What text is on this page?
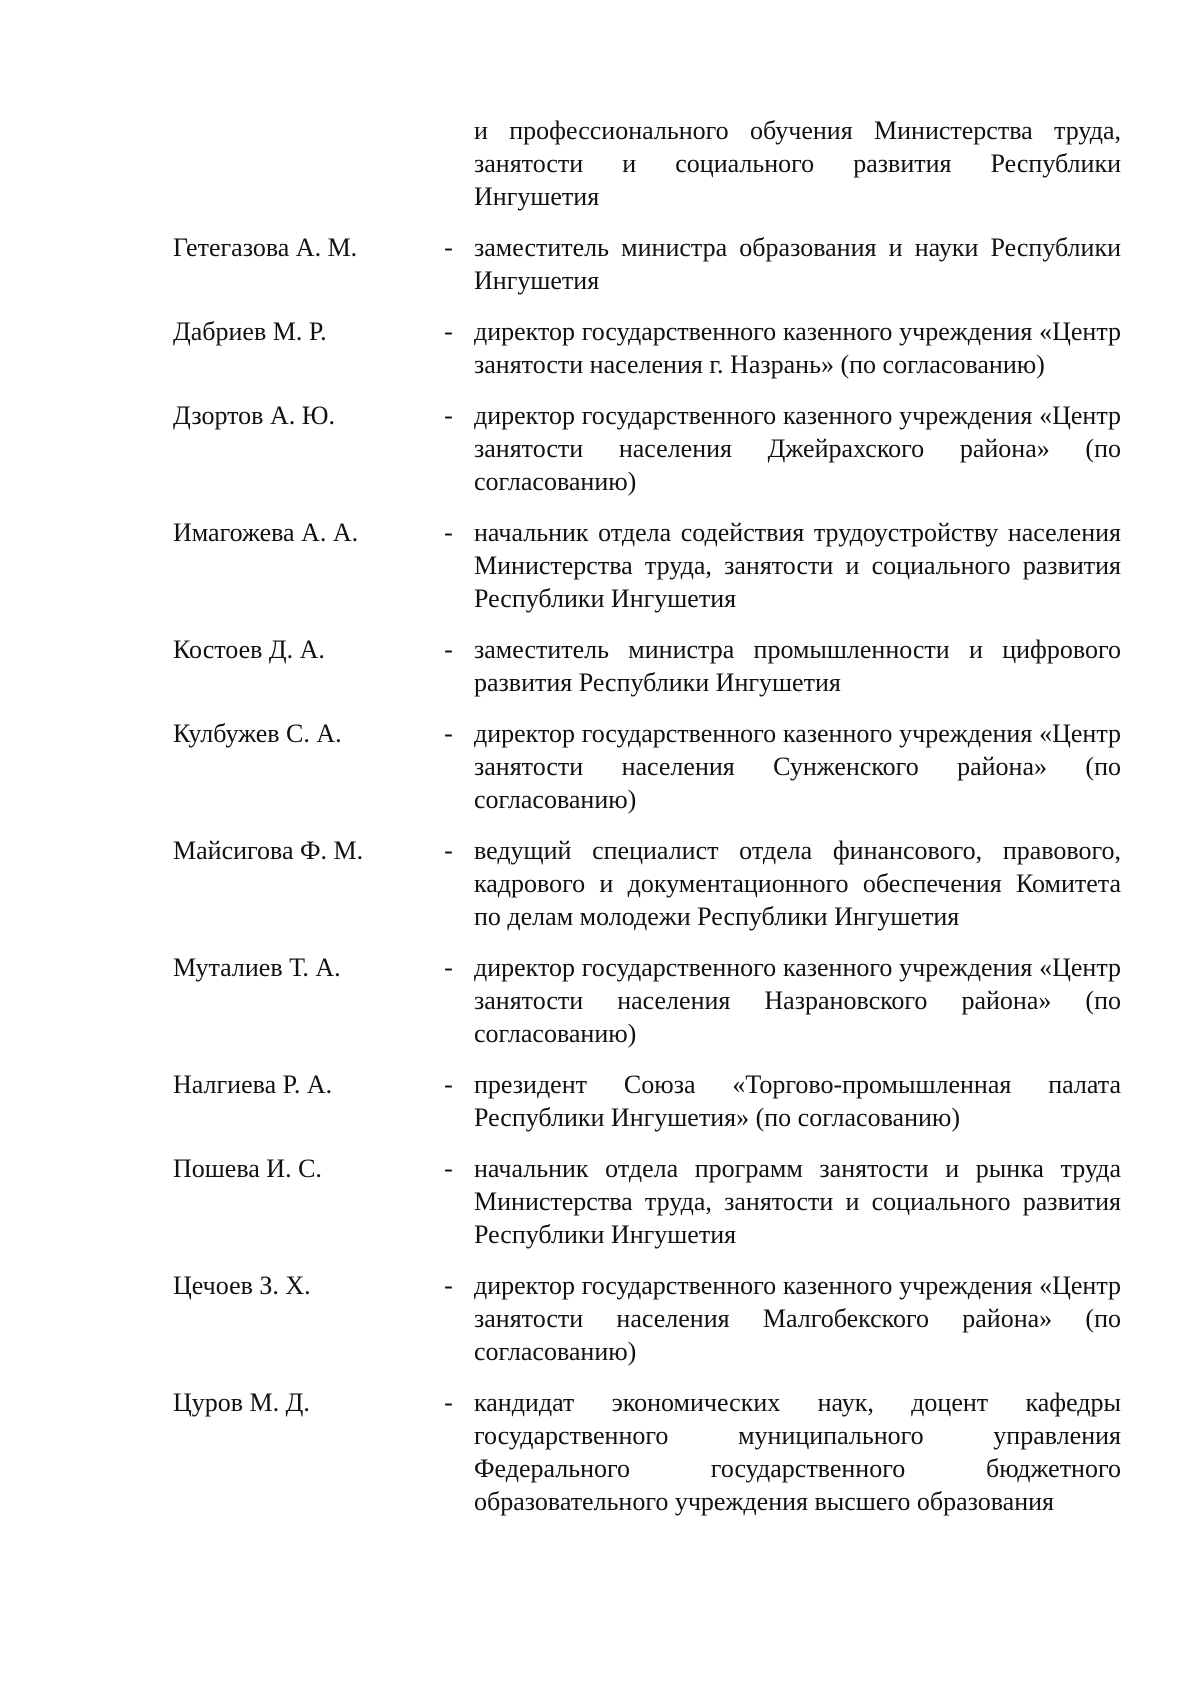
и профессионального обучения Министерства труда, занятости и социального развития Республики Ингушетия
Гетегазова А. М.	- заместитель министра образования и науки Республики Ингушетия
Дабриев М. Р.	- директор государственного казенного учреждения «Центр занятости населения г. Назрань» (по согласованию)
Дзортов А. Ю.	- директор государственного казенного учреждения «Центр занятости населения Джейрахского района» (по согласованию)
Имагожева А. А.	- начальник отдела содействия трудоустройству населения Министерства труда, занятости и социального развития Республики Ингушетия
Костоев Д. А.	- заместитель министра промышленности и цифрового развития Республики Ингушетия
Кулбужев С. А.	- директор государственного казенного учреждения «Центр занятости населения Сунженского района» (по согласованию)
Майсигова Ф. М.	- ведущий специалист отдела финансового, правового, кадрового и документационного обеспечения Комитета по делам молодежи Республики Ингушетия
Муталиев Т. А.	- директор государственного казенного учреждения «Центр занятости населения Назрановского района» (по согласованию)
Налгиева Р. А.	- президент Союза «Торгово-промышленная палата Республики Ингушетия» (по согласованию)
Пошева И. С.	- начальник отдела программ занятости и рынка труда Министерства труда, занятости и социального развития Республики Ингушетия
Цечоев З. Х.	- директор государственного казенного учреждения «Центр занятости населения Малгобекского района» (по согласованию)
Цуров М. Д.	- кандидат экономических наук, доцент кафедры государственного муниципального управления Федерального государственного бюджетного образовательного учреждения высшего образования
